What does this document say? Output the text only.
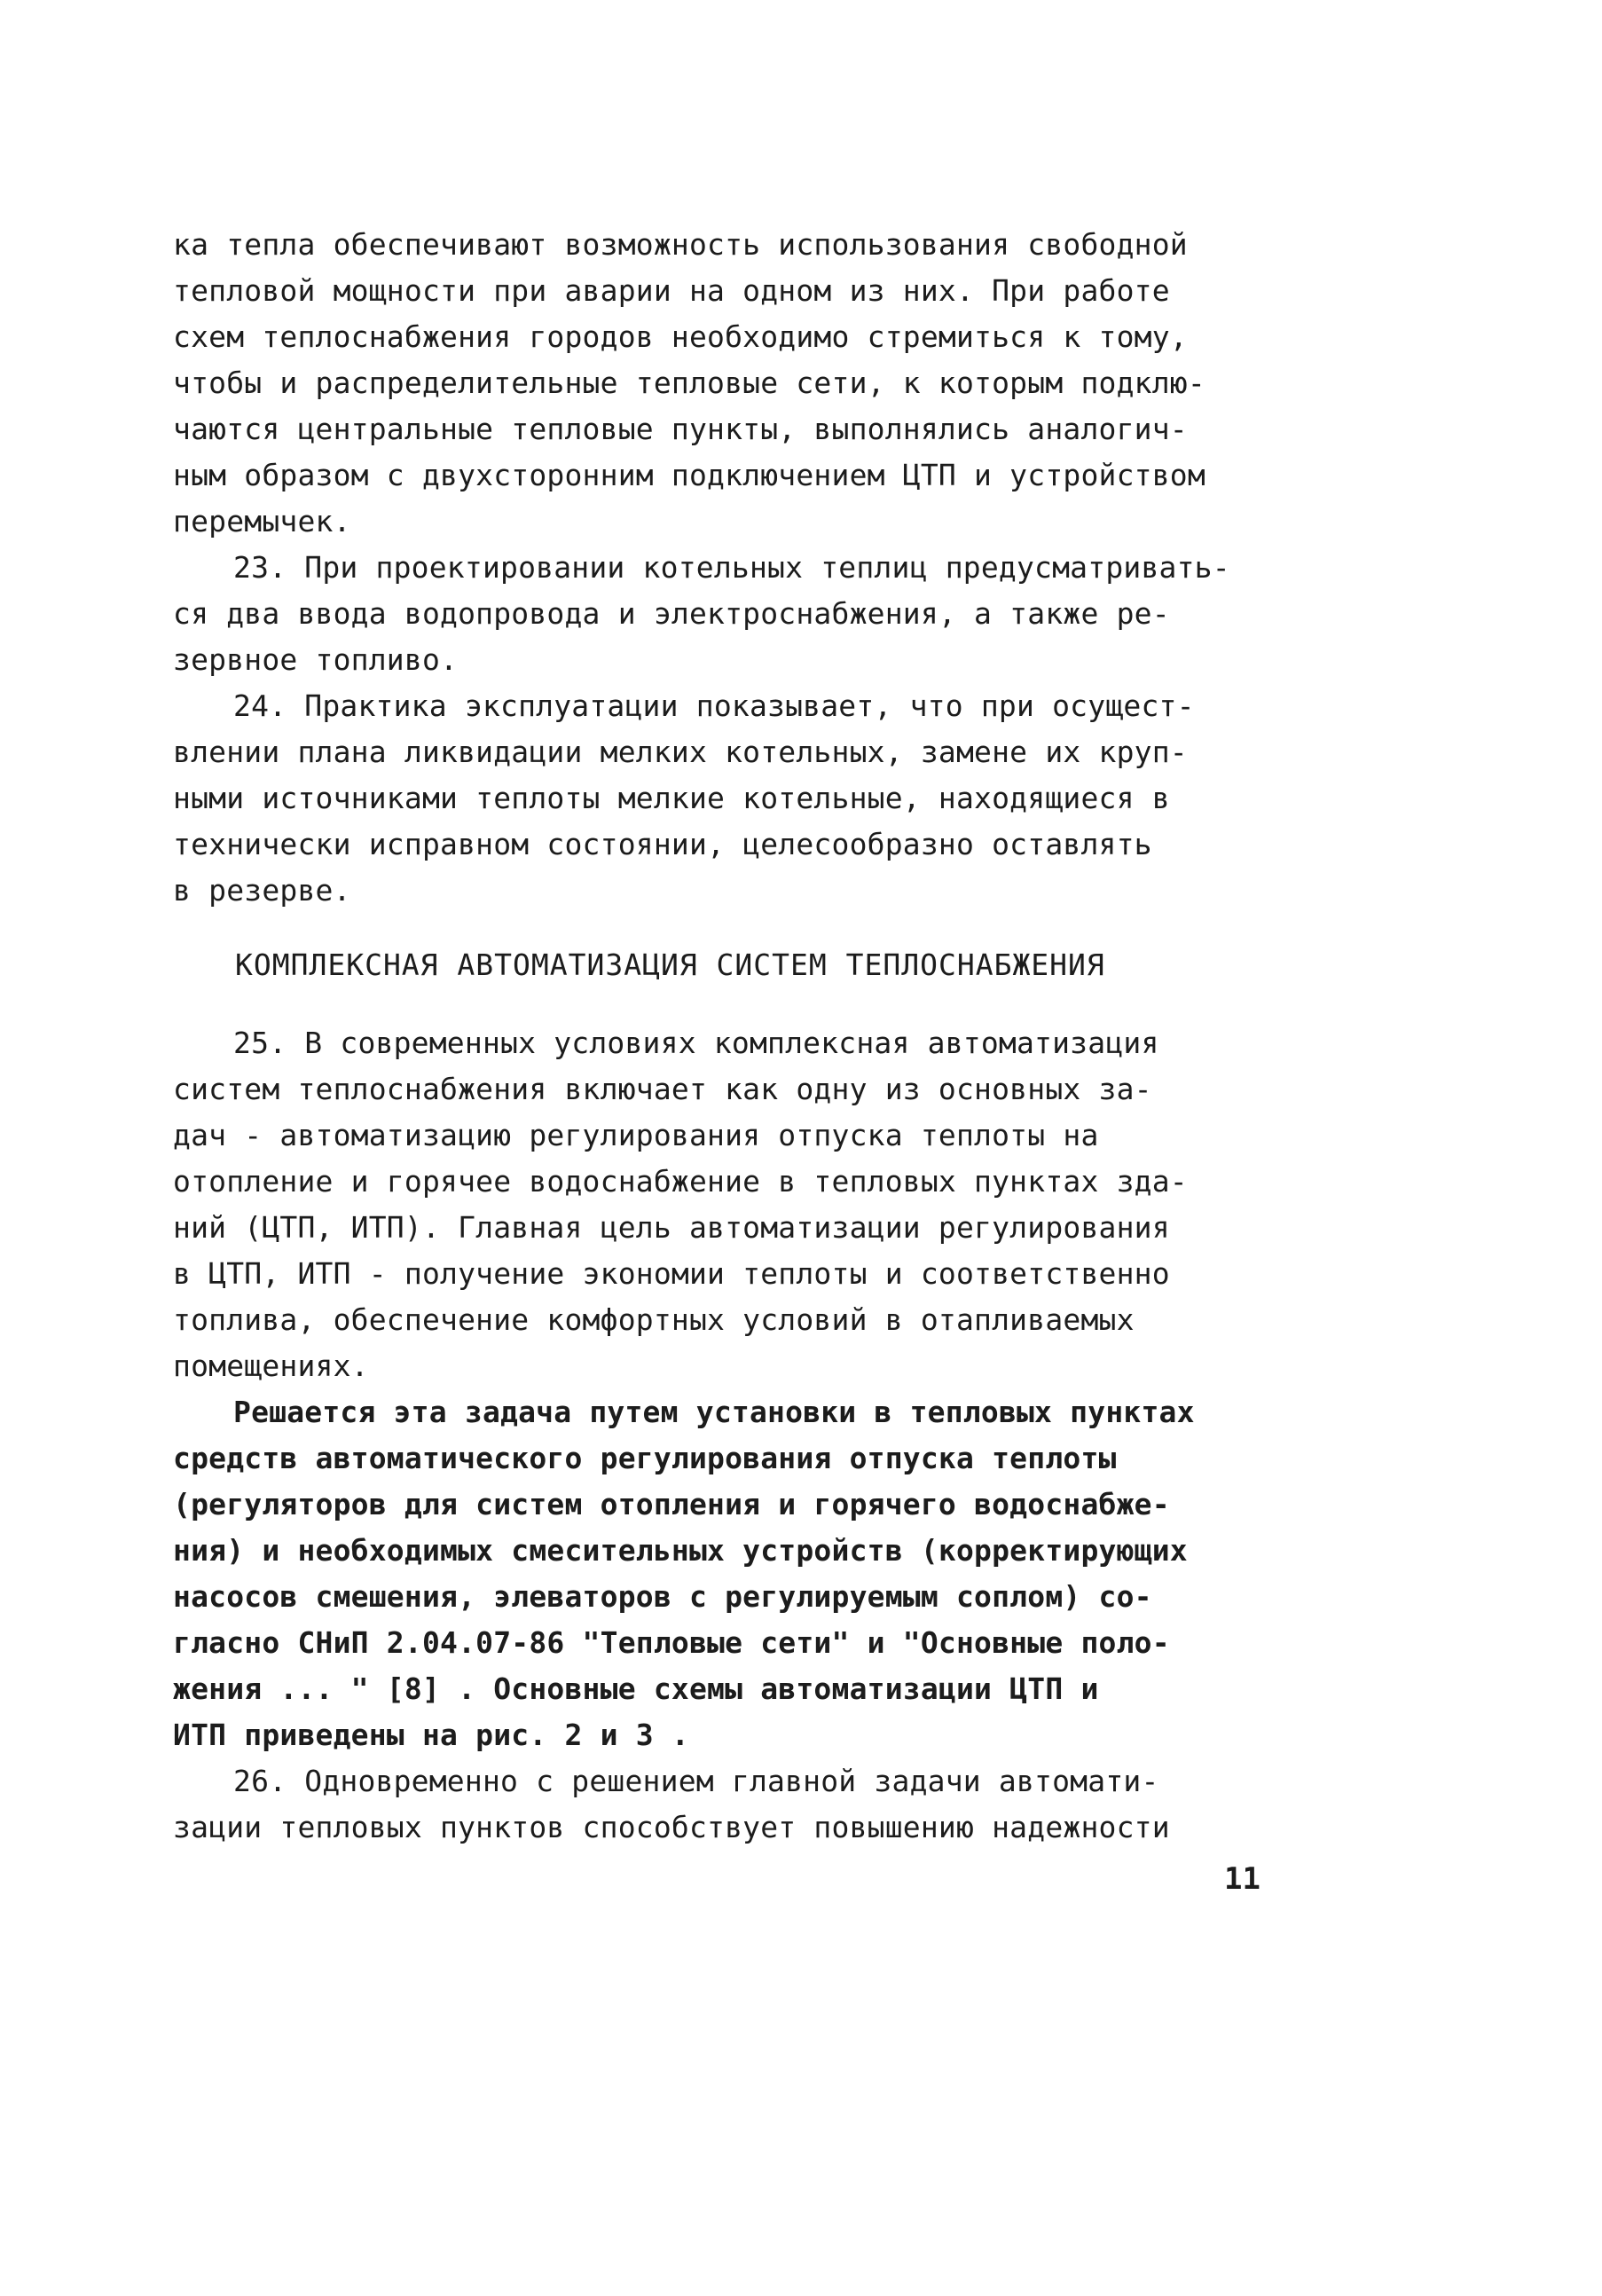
ка тепла обеспечивают возможность использования свободной
тепловой мощности при аварии на одном из них. При работе
схем теплоснабжения городов необходимо стремиться к тому,
чтобы и распределительные тепловые сети, к которым подклю-
чаются центральные тепловые пункты, выполнялись аналогич-
ным образом с двухсторонним подключением ЦТП и устройством
перемычек.
23. При проектировании котельных теплиц предусматривать-
ся два ввода водопровода и электроснабжения, а также ре-
зервное топливо.
24. Практика эксплуатации показывает, что при осущест-
влении плана ликвидации мелких котельных, замене их круп-
ными источниками теплоты мелкие котельные, находящиеся в
технически исправном состоянии, целесообразно оставлять
в резерве.
КОМПЛЕКСНАЯ АВТОМАТИЗАЦИЯ СИСТЕМ ТЕПЛОСНАБЖЕНИЯ
25. В современных условиях комплексная автоматизация
систем теплоснабжения включает как одну из основных за-
дач - автоматизацию регулирования отпуска теплоты на
отопление и горячее водоснабжение в тепловых пунктах зда-
ний (ЦТП, ИТП). Главная цель автоматизации регулирования
в ЦТП, ИТП - получение экономии теплоты и соответственно
топлива, обеспечение комфортных условий в отапливаемых
помещениях.
Решается эта задача путем установки в тепловых пунктах
средств автоматического регулирования отпуска теплоты
(регуляторов для систем отопления и горячего водоснабже-
ния) и необходимых смесительных устройств (корректирующих
насосов смешения, элеваторов с регулируемым соплом) со-
гласно СНиП 2.04.07-86 "Тепловые сети" и "Основные поло-
жения ... " [8] . Основные схемы автоматизации ЦТП и
ИТП приведены на рис. 2 и 3 .
26. Одновременно с решением главной задачи автомати-
зации тепловых пунктов способствует повышению надежности
11
